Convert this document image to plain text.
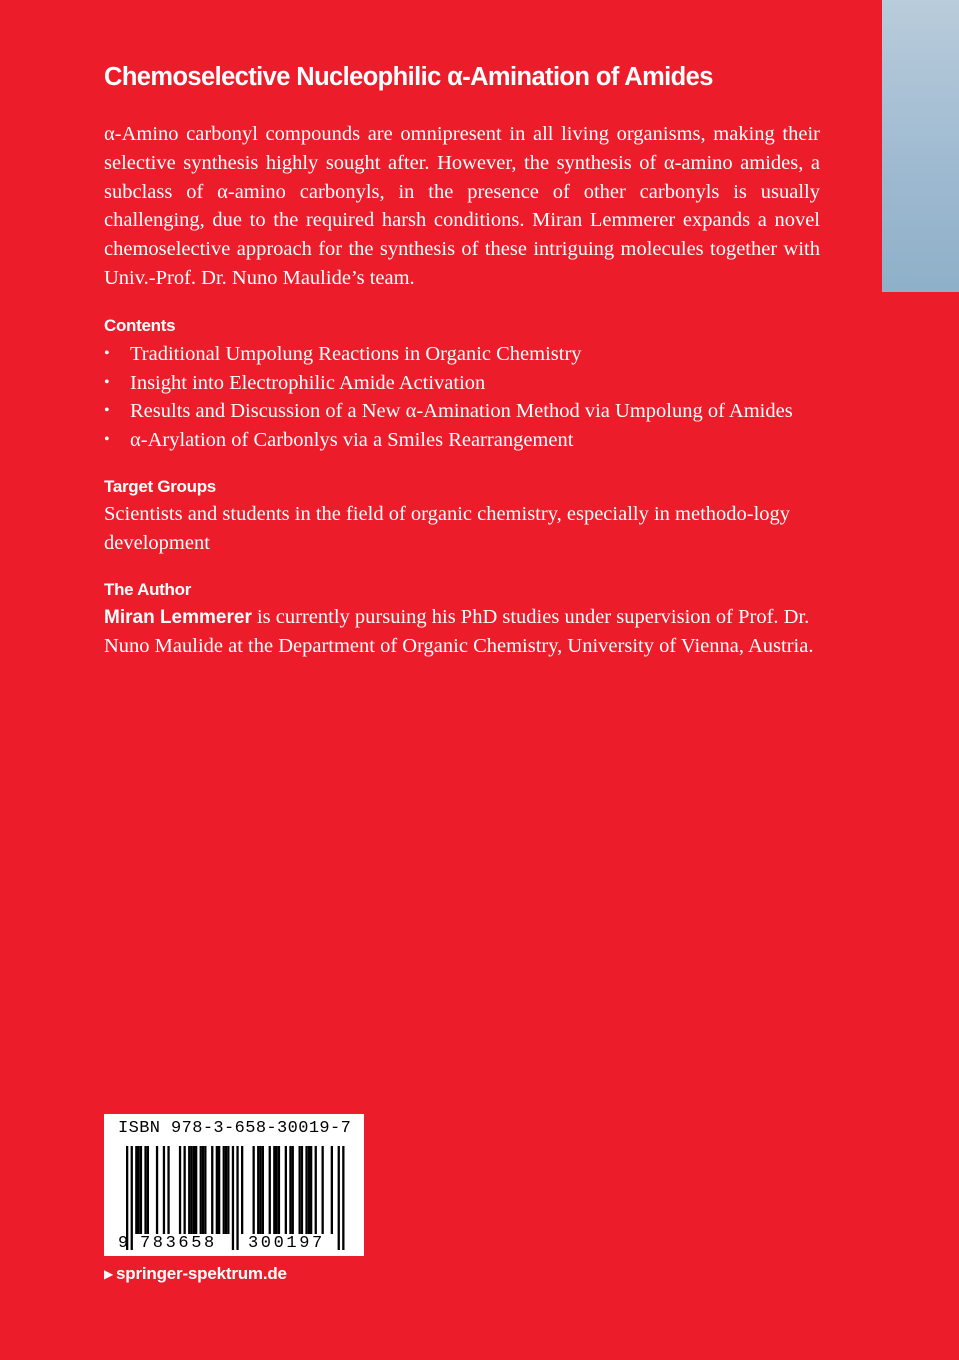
Chemoselective Nucleophilic α-Amination of Amides

α-Amino carbonyl compounds are omnipresent in all living organisms, making their selective synthesis highly sought after. However, the synthesis of α-amino amides, a subclass of α-amino carbonyls, in the presence of other carbonyls is usually challenging, due to the required harsh conditions. Miran Lemmerer expands a novel chemoselective approach for the synthesis of these intriguing molecules together with Univ.-Prof. Dr. Nuno Maulide’s team.

Contents
• Traditional Umpolung Reactions in Organic Chemistry
• Insight into Electrophilic Amide Activation
• Results and Discussion of a New α-Amination Method via Umpolung of Amides
• α-Arylation of Carbonlys via a Smiles Rearrangement
Target Groups

Scientists and students in the field of organic chemistry, especially in methodo-logy development

The Author

Miran Lemmerer is currently pursuing his PhD studies under supervision of Prof. Dr. Nuno Maulide at the Department of Organic Chemistry, University of Vienna, Austria.

ISBN 978-3-658-30019-7
9 783658 300197
▶ springer-spektrum.de
